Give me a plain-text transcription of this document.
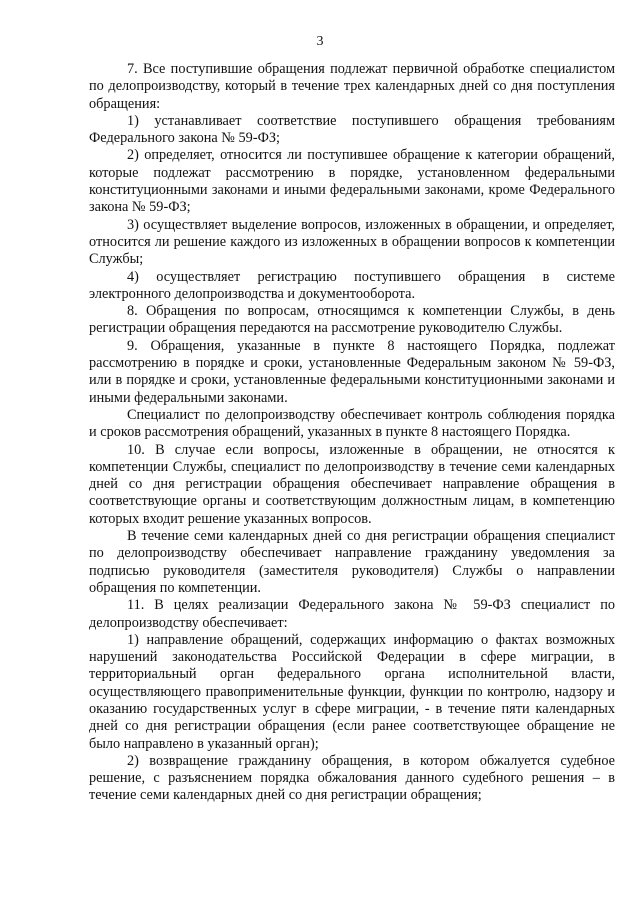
3

7. Все поступившие обращения подлежат первичной обработке специалистом по делопроизводству, который в течение трех календарных дней со дня поступления обращения:

1) устанавливает соответствие поступившего обращения требованиям Федерального закона № 59-ФЗ;

2) определяет, относится ли поступившее обращение к категории обращений, которые подлежат рассмотрению в порядке, установленном федеральными конституционными законами и иными федеральными законами, кроме Федерального закона № 59-ФЗ;

3) осуществляет выделение вопросов, изложенных в обращении, и определяет, относится ли решение каждого из изложенных в обращении вопросов к компетенции Службы;

4) осуществляет регистрацию поступившего обращения в системе электронного делопроизводства и документооборота.

8. Обращения по вопросам, относящимся к компетенции Службы, в день регистрации обращения передаются на рассмотрение руководителю Службы.

9. Обращения, указанные в пункте 8 настоящего Порядка, подлежат рассмотрению в порядке и сроки, установленные Федеральным законом № 59-ФЗ, или в порядке и сроки, установленные федеральными конституционными законами и иными федеральными законами.

Специалист по делопроизводству обеспечивает контроль соблюдения порядка и сроков рассмотрения обращений, указанных в пункте 8 настоящего Порядка.

10. В случае если вопросы, изложенные в обращении, не относятся к компетенции Службы, специалист по делопроизводству в течение семи календарных дней со дня регистрации обращения обеспечивает направление обращения в соответствующие органы и соответствующим должностным лицам, в компетенцию которых входит решение указанных вопросов.

В течение семи календарных дней со дня регистрации обращения специалист по делопроизводству обеспечивает направление гражданину уведомления за подписью руководителя (заместителя руководителя) Службы о направлении обращения по компетенции.

11. В целях реализации Федерального закона № 59-ФЗ специалист по делопроизводству обеспечивает:

1) направление обращений, содержащих информацию о фактах возможных нарушений законодательства Российской Федерации в сфере миграции, в территориальный орган федерального органа исполнительной власти, осуществляющего правоприменительные функции, функции по контролю, надзору и оказанию государственных услуг в сфере миграции, - в течение пяти календарных дней со дня регистрации обращения (если ранее соответствующее обращение не было направлено в указанный орган);

2) возвращение гражданину обращения, в котором обжалуется судебное решение, с разъяснением порядка обжалования данного судебного решения – в течение семи календарных дней со дня регистрации обращения;
